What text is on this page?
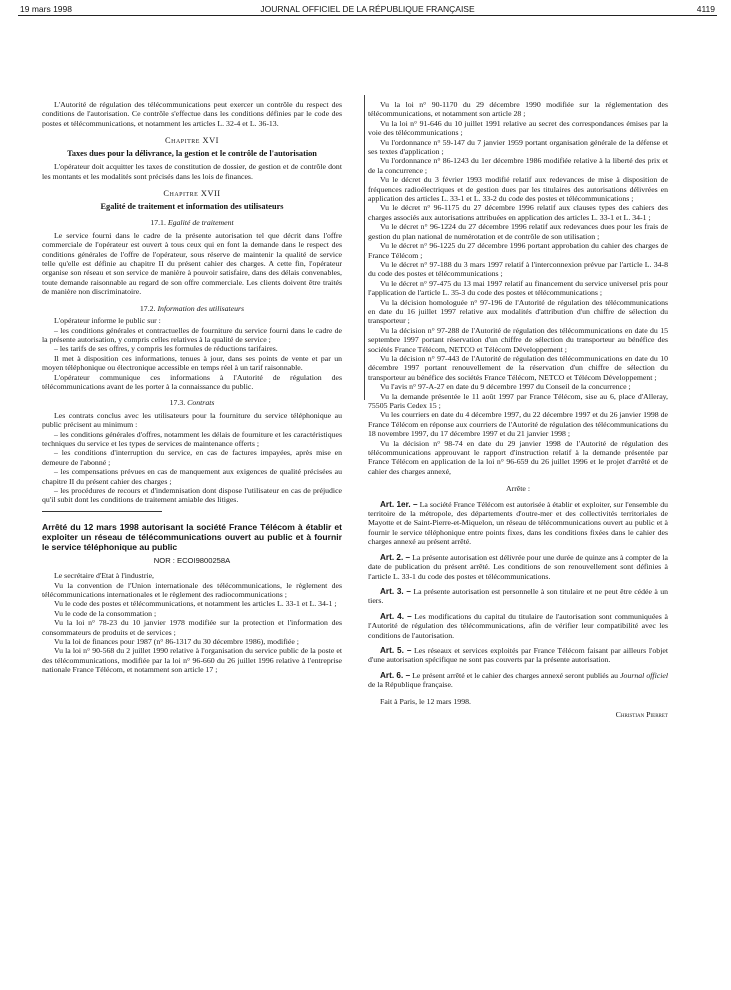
19 mars 1998	JOURNAL OFFICIEL DE LA RÉPUBLIQUE FRANÇAISE	4119

L'Autorité de régulation des télécommunications peut exercer un contrôle du respect des conditions de l'autorisation. Ce contrôle s'effectue dans les conditions définies par le code des postes et télécommunications, et notamment les articles L. 32-4 et L. 36-13.

Chapitre XVI

Taxes dues pour la délivrance, la gestion et le contrôle de l'autorisation

L'opérateur doit acquitter les taxes de constitution de dossier, de gestion et de contrôle dont les montants et les modalités sont précisés dans les lois de finances.

Chapitre XVII

Egalité de traitement et information des utilisateurs

17.1. Egalité de traitement

Le service fourni dans le cadre de la présente autorisation tel que décrit dans l'offre commerciale de l'opérateur est ouvert à tous ceux qui en font la demande dans le respect des conditions générales de l'offre de l'opérateur, sous réserve de maintenir la qualité de service telle qu'elle est définie au chapitre II du présent cahier des charges. A cette fin, l'opérateur organise son réseau et son service de manière à pouvoir satisfaire, dans des délais convenables, toute demande raisonnable au regard de son offre commerciale. Les clients doivent être traités de manière non discriminatoire.

17.2. Information des utilisateurs

L'opérateur informe le public sur :

– les conditions générales et contractuelles de fourniture du service fourni dans le cadre de la présente autorisation, y compris celles relatives à la qualité de service ;

– les tarifs de ses offres, y compris les formules de réductions tarifaires.

Il met à disposition ces informations, tenues à jour, dans ses points de vente et par un moyen téléphonique ou électronique accessible en temps réel à un tarif raisonnable.

L'opérateur communique ces informations à l'Autorité de régulation des télécommunications avant de les porter à la connaissance du public.

17.3. Contrats

Les contrats conclus avec les utilisateurs pour la fourniture du service téléphonique au public précisent au minimum :

– les conditions générales d'offres, notamment les délais de fourniture et les caractéristiques techniques du service et les types de services de maintenance offerts ;

– les conditions d'interruption du service, en cas de factures impayées, après mise en demeure de l'abonné ;

– les compensations prévues en cas de manquement aux exigences de qualité précisées au chapitre II du présent cahier des charges ;

– les procédures de recours et d'indemnisation dont dispose l'utilisateur en cas de préjudice qu'il subit dont les conditions de traitement amiable des litiges.

Arrêté du 12 mars 1998 autorisant la société France Télécom à établir et exploiter un réseau de télécommunications ouvert au public et à fournir le service téléphonique au public

NOR : ECOI9800258A

Le secrétaire d'Etat à l'industrie,

Vu la convention de l'Union internationale des télécommunications, le règlement des télécommunications internationales et le règlement des radiocommunications ;

Vu le code des postes et télécommunications, et notamment les articles L. 33-1 et L. 34-1 ;

Vu le code de la consommation ;

Vu la loi n° 78-23 du 10 janvier 1978 modifiée sur la protection et l'information des consommateurs de produits et de services ;

Vu la loi de finances pour 1987 (n° 86-1317 du 30 décembre 1986), modifiée ;

Vu la loi n° 90-568 du 2 juillet 1990 relative à l'organisation du service public de la poste et des télécommunications, modifiée par la loi n° 96-660 du 26 juillet 1996 relative à l'entreprise nationale France Télécom, et notamment son article 17 ;

Vu la loi n° 90-1170 du 29 décembre 1990 modifiée sur la réglementation des télécommunications, et notamment son article 28 ;

Vu la loi n° 91-646 du 10 juillet 1991 relative au secret des correspondances émises par la voie des télécommunications ;

Vu l'ordonnance n° 59-147 du 7 janvier 1959 portant organisation générale de la défense et ses textes d'application ;

Vu l'ordonnance n° 86-1243 du 1er décembre 1986 modifiée relative à la liberté des prix et de la concurrence ;

Vu le décret du 3 février 1993 modifié relatif aux redevances de mise à disposition de fréquences radioélectriques et de gestion dues par les titulaires des autorisations délivrées en application des articles L. 33-1 et L. 33-2 du code des postes et télécommunications ;

Vu le décret n° 96-1175 du 27 décembre 1996 relatif aux clauses types des cahiers des charges associés aux autorisations attribuées en application des articles L. 33-1 et L. 34-1 ;

Vu le décret n° 96-1224 du 27 décembre 1996 relatif aux redevances dues pour les frais de gestion du plan national de numérotation et de contrôle de son utilisation ;

Vu le décret n° 96-1225 du 27 décembre 1996 portant approbation du cahier des charges de France Télécom ;

Vu le décret n° 97-188 du 3 mars 1997 relatif à l'interconnexion prévue par l'article L. 34-8 du code des postes et télécommunications ;

Vu le décret n° 97-475 du 13 mai 1997 relatif au financement du service universel pris pour l'application de l'article L. 35-3 du code des postes et télécommunications ;

Vu la décision homologuée n° 97-196 de l'Autorité de régulation des télécommunications en date du 16 juillet 1997 relative aux modalités d'attribution d'un chiffre de sélection du transporteur ;

Vu la décision n° 97-288 de l'Autorité de régulation des télécommunications en date du 15 septembre 1997 portant réservation d'un chiffre de sélection du transporteur au bénéfice des sociétés France Télécom, NETCO et Télécom Développement ;

Vu la décision n° 97-443 de l'Autorité de régulation des télécommunications en date du 10 décembre 1997 portant renouvellement de la réservation d'un chiffre de sélection du transporteur au bénéfice des sociétés France Télécom, NETCO et Télécom Développement ;

Vu l'avis n° 97-A-27 en date du 9 décembre 1997 du Conseil de la concurrence ;

Vu la demande présentée le 11 août 1997 par France Télécom, sise au 6, place d'Alleray, 75505 Paris Cedex 15 ;

Vu les courriers en date du 4 décembre 1997, du 22 décembre 1997 et du 26 janvier 1998 de France Télécom en réponse aux courriers de l'Autorité de régulation des télécommunications du 18 novembre 1997, du 17 décembre 1997 et du 21 janvier 1998 ;

Vu la décision n° 98-74 en date du 29 janvier 1998 de l'Autorité de régulation des télécommunications approuvant le rapport d'instruction relatif à la demande présentée par France Télécom en application de la loi n° 96-659 du 26 juillet 1996 et le projet d'arrêté et de cahier des charges annexé,

Arrête :

Art. 1er. – La société France Télécom est autorisée à établir et exploiter, sur l'ensemble du territoire de la métropole, des départements d'outre-mer et des collectivités territoriales de Mayotte et de Saint-Pierre-et-Miquelon, un réseau de télécommunications ouvert au public et à fournir le service téléphonique entre points fixes, dans les conditions fixées dans le cahier des charges annexé au présent arrêté.

Art. 2. – La présente autorisation est délivrée pour une durée de quinze ans à compter de la date de publication du présent arrêté. Les conditions de son renouvellement sont définies à l'article L. 33-1 du code des postes et télécommunications.

Art. 3. – La présente autorisation est personnelle à son titulaire et ne peut être cédée à un tiers.

Art. 4. – Les modifications du capital du titulaire de l'autorisation sont communiquées à l'Autorité de régulation des télécommunications, afin de vérifier leur compatibilité avec les conditions de l'autorisation.

Art. 5. – Les réseaux et services exploités par France Télécom faisant par ailleurs l'objet d'une autorisation spécifique ne sont pas couverts par la présente autorisation.

Art. 6. – Le présent arrêté et le cahier des charges annexé seront publiés au Journal officiel de la République française.

Fait à Paris, le 12 mars 1998.

Christian Pierret
